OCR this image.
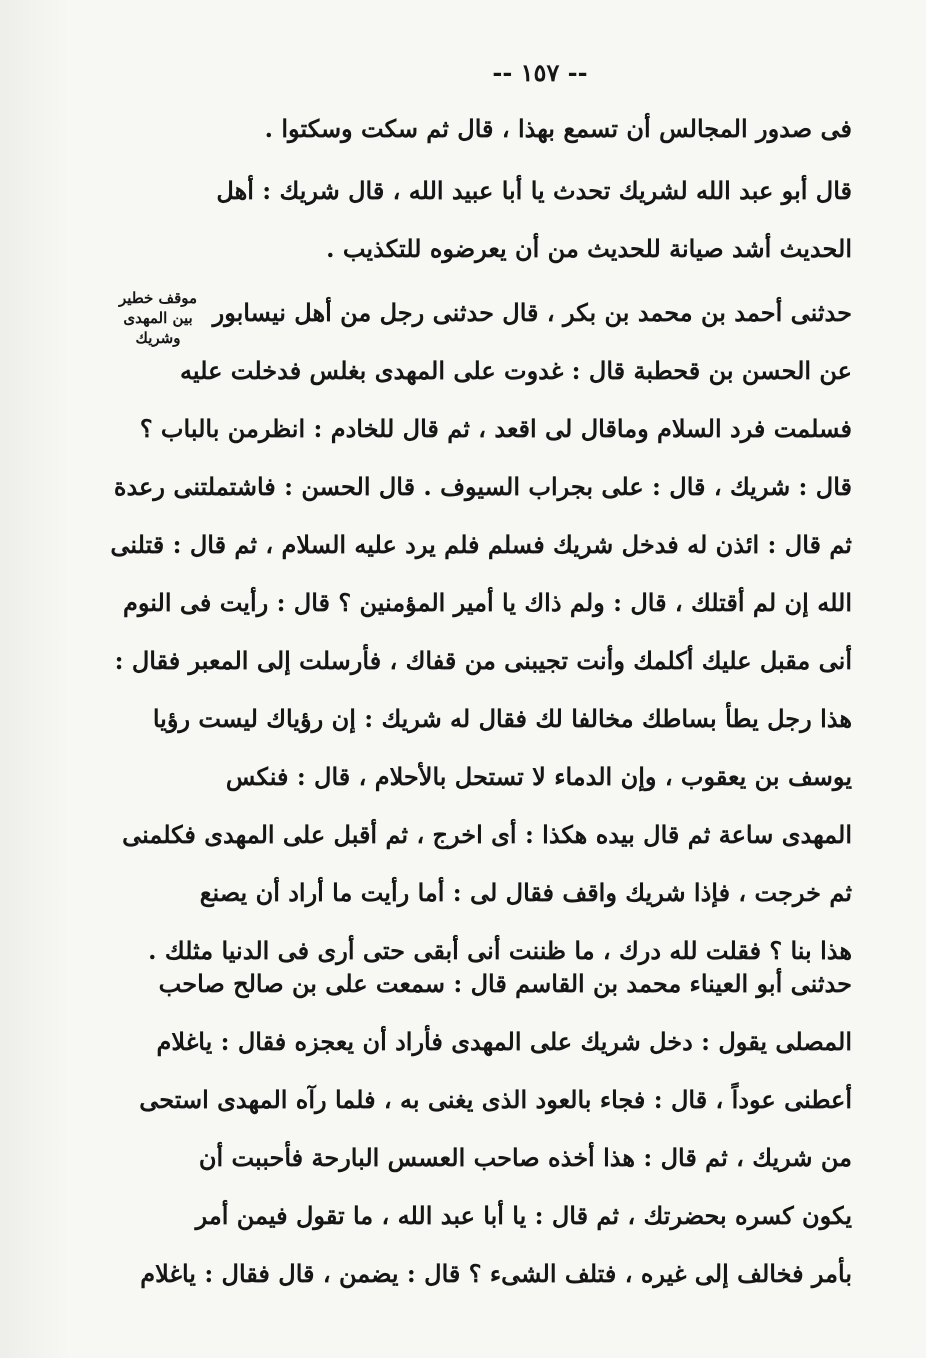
-- ١٥٧ --
موقف خطير
بين المهدى
وشريك
فى صدور المجالس أن تسمع بهذا ، قال ثم سكت وسكتوا .
قال أبو عبد الله لشريك تحدث يا أبا عبيد الله ، قال شريك : أهل
الحديث أشد صيانة للحديث من أن يعرضوه للتكذيب .
حدثنى أحمد بن محمد بن بكر ، قال حدثنى رجل من أهل نيسابور
عن الحسن بن قحطبة قال : غدوت على المهدى بغلس فدخلت عليه
فسلمت فرد السلام وماقال لى اقعد ، ثم قال للخادم : انظرمن بالباب ؟
قال : شريك ، قال : على بجراب السيوف . قال الحسن : فاشتملتنى رعدة
ثم قال : ائذن له فدخل شريك فسلم فلم يرد عليه السلام ، ثم قال : قتلنى
الله إن لم أقتلك ، قال : ولم ذاك يا أمير المؤمنين ؟ قال : رأيت فى النوم
أنى مقبل عليك أكلمك وأنت تجيبنى من قفاك ، فأرسلت إلى المعبر فقال :
هذا رجل يطأ بساطك مخالفا لك فقال له شريك : إن رؤياك ليست رؤيا
يوسف بن يعقوب ، وإن الدماء لا تستحل بالأحلام ، قال : فنكس
المهدى ساعة ثم قال بيده هكذا : أى اخرج ، ثم أقبل على المهدى فكلمنى
ثم خرجت ، فإذا شريك واقف فقال لى : أما رأيت ما أراد أن يصنع
هذا بنا ؟ فقلت لله درك ، ما ظننت أنى أبقى حتى أرى فى الدنيا مثلك .
حدثنى أبو العيناء محمد بن القاسم قال : سمعت على بن صالح صاحب
المصلى يقول : دخل شريك على المهدى فأراد أن يعجزه فقال : ياغلام
أعطنى عوداً ، قال : فجاء بالعود الذى يغنى به ، فلما رآه المهدى استحى
من شريك ، ثم قال : هذا أخذه صاحب العسس البارحة فأحببت أن
يكون كسره بحضرتك ، ثم قال : يا أبا عبد الله ، ما تقول فيمن أمر
بأمر فخالف إلى غيره ، فتلف الشىء ؟ قال : يضمن ، قال فقال : ياغلام
